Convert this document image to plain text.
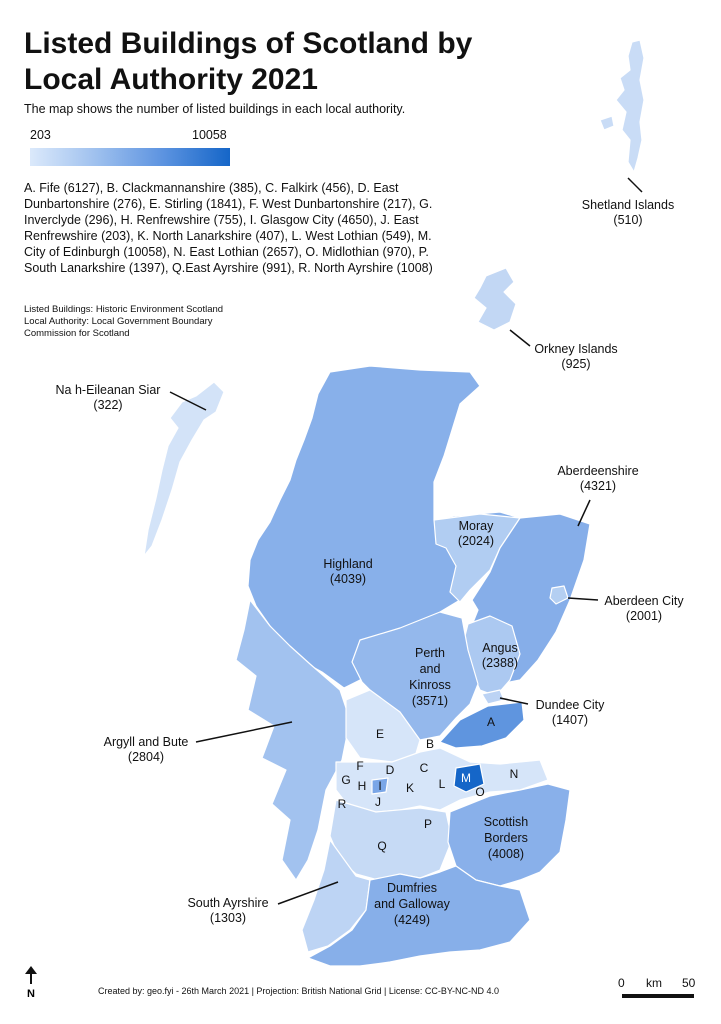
Listed Buildings of Scotland by Local Authority 2021
The map shows the number of listed buildings in each local authority.
203	10058
A. Fife (6127), B. Clackmannanshire (385), C. Falkirk (456), D. East Dunbartonshire (276), E. Stirling (1841), F. West Dunbartonshire (217), G. Inverclyde (296), H. Renfrewshire (755), I. Glasgow City (4650), J. East Renfrewshire (203), K. North Lanarkshire (407), L. West Lothian (549), M. City of Edinburgh (10058), N. East Lothian (2657), O. Midlothian (970), P. South Lanarkshire (1397), Q.East Ayrshire (991), R. North Ayrshire (1008)
Listed Buildings: Historic Environment Scotland
Local Authority: Local Government Boundary
Commission for Scotland
Shetland Islands
(510)
Orkney Islands
(925)
Na h-Eileanan Siar
(322)
Aberdeenshire
(4321)
Moray
(2024)
Highland
(4039)
Aberdeen City
(2001)
Angus
(2388)
Perth
and
Kinross
(3571)	Dundee City
(1407)
Argyll and Bute
(2804)
Scottish
Borders
(4008)
Dumfries
and Galloway
(4249)
South Ayrshire
(1303)
A
B
C
D
E
F
G H I
J
K L M	N
O
P
Q
R
N	Created by: geo.fyi - 26th March 2021 | Projection: British National Grid | License: CC-BY-NC-ND 4.0
0 km 50
